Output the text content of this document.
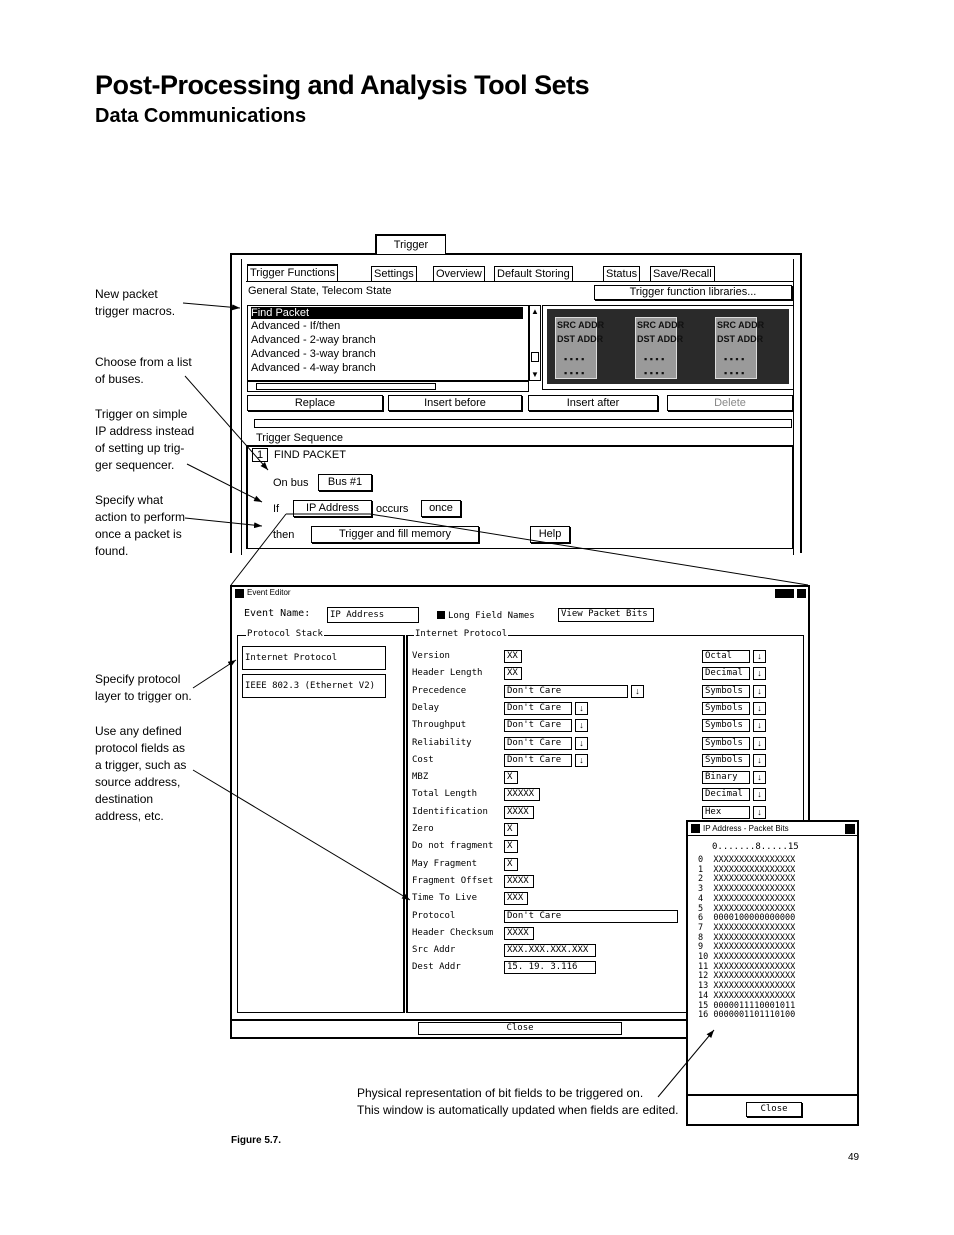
Post-Processing and Analysis Tool Sets
Data Communications
New packet trigger macros.
Choose from a list of buses.
Trigger on simple IP address instead of setting up trig-ger sequencer.
Specify what action to perform once a packet is found.
Specify protocol layer to trigger on.
Use any defined protocol fields as a trigger, such as source address, destination address, etc.
Trigger Functions	Settings Overview Default Storing	Status Save/Recall
General State, Telecom State	Trigger function libraries...
Find Packet
Advanced - If/then
Advanced - 2-way branch
Advanced - 3-way branch
Advanced - 4-way branch
▲
▼
SRC ADDR
DST ADDR
▪ ▪ ▪ ▪
▪ ▪ ▪ ▪
SRC ADDR
DST ADDR
▪ ▪ ▪ ▪
▪ ▪ ▪ ▪
SRC ADDR
DST ADDR
▪ ▪ ▪ ▪
▪ ▪ ▪ ▪
Replace	Insert before	Insert after	Delete
Trigger Sequence
1 FIND PACKET
On bus	Bus #1
If	IP Address	occurs	once
then	Trigger and fill memory	Help
Trigger
Event Editor
Event Name:	IP Address	Long Field Names	View Packet Bits
Protocol Stack
Internet Protocol
IEEE 802.3 (Ethernet V2)
Internet Protocol
Close
Version	XX	Octal	↓
Header Length	XX	Decimal	↓
Precedence	Don't Care	↓	Symbols	↓
Delay	Don't Care	↓	Symbols	↓
Throughput	Don't Care	↓	Symbols	↓
Reliability	Don't Care	↓	Symbols	↓
Cost	Don't Care	↓	Symbols	↓
MBZ	X	Binary	↓
Total Length	XXXXX	Decimal	↓
Identification	XXXX	Hex	↓
Zero	X
Do not fragment	X
May Fragment	X
Fragment Offset	XXXX
Time To Live	XXX
Protocol	Don't Care
Header Checksum	XXXX
Src Addr	XXX.XXX.XXX.XXX
Dest Addr	15. 19. 3.116
IP Address - Packet Bits
0.......8.....15
0  XXXXXXXXXXXXXXXX
1  XXXXXXXXXXXXXXXX
2  XXXXXXXXXXXXXXXX
3  XXXXXXXXXXXXXXXX
4  XXXXXXXXXXXXXXXX
5  XXXXXXXXXXXXXXXX
6  0000100000000000
7  XXXXXXXXXXXXXXXX
8  XXXXXXXXXXXXXXXX
9  XXXXXXXXXXXXXXXX
10 XXXXXXXXXXXXXXXX
11 XXXXXXXXXXXXXXXX
12 XXXXXXXXXXXXXXXX
13 XXXXXXXXXXXXXXXX
14 XXXXXXXXXXXXXXXX
15 0000011110001011
16 0000001101110100
Close
Physical representation of bit fields to be triggered on.
This window is automatically updated when fields are edited.
Figure 5.7.
49
